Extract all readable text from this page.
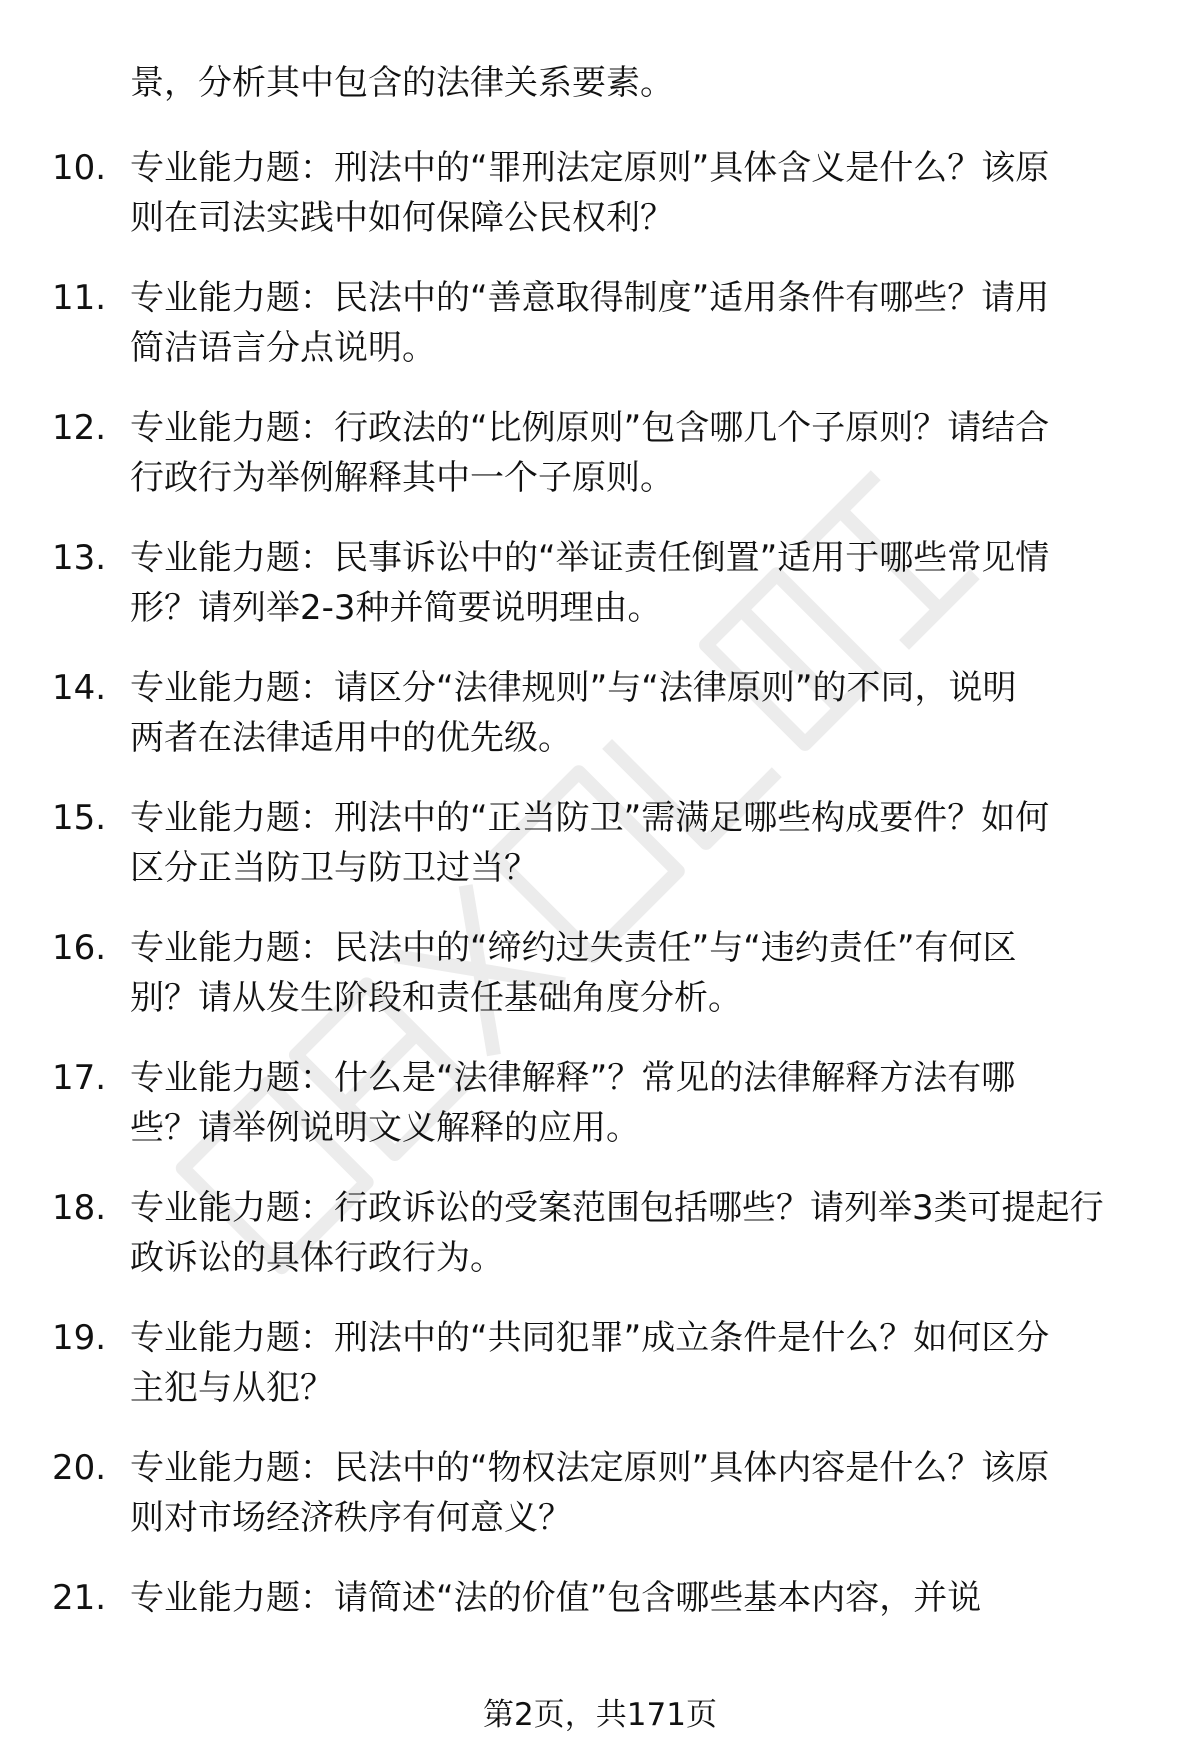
景，分析其中包含的法律关系要素。
10. 专业能力题：刑法中的“罪刑法定原则”具体含义是什么？该原
则在司法实践中如何保障公民权利？
11. 专业能力题：民法中的“善意取得制度”适用条件有哪些？请用
简洁语言分点说明。
12. 专业能力题：行政法的“比例原则”包含哪几个子原则？请结合
行政行为举例解释其中一个子原则。
13. 专业能力题：民事诉讼中的“举证责任倒置”适用于哪些常见情
形？请列举2-3种并简要说明理由。
14. 专业能力题：请区分“法律规则”与“法律原则”的不同，说明
两者在法律适用中的优先级。
15. 专业能力题：刑法中的“正当防卫”需满足哪些构成要件？如何
区分正当防卫与防卫过当？
16. 专业能力题：民法中的“缔约过失责任”与“违约责任”有何区
别？请从发生阶段和责任基础角度分析。
17. 专业能力题：什么是“法律解释”？常见的法律解释方法有哪
些？请举例说明文义解释的应用。
18. 专业能力题：行政诉讼的受案范围包括哪些？请列举3类可提起行
政诉讼的具体行政行为。
19. 专业能力题：刑法中的“共同犯罪”成立条件是什么？如何区分
主犯与从犯？
20. 专业能力题：民法中的“物权法定原则”具体内容是什么？该原
则对市场经济秩序有何意义？
21. 专业能力题：请简述“法的价值”包含哪些基本内容，并说
第2页，共171页
